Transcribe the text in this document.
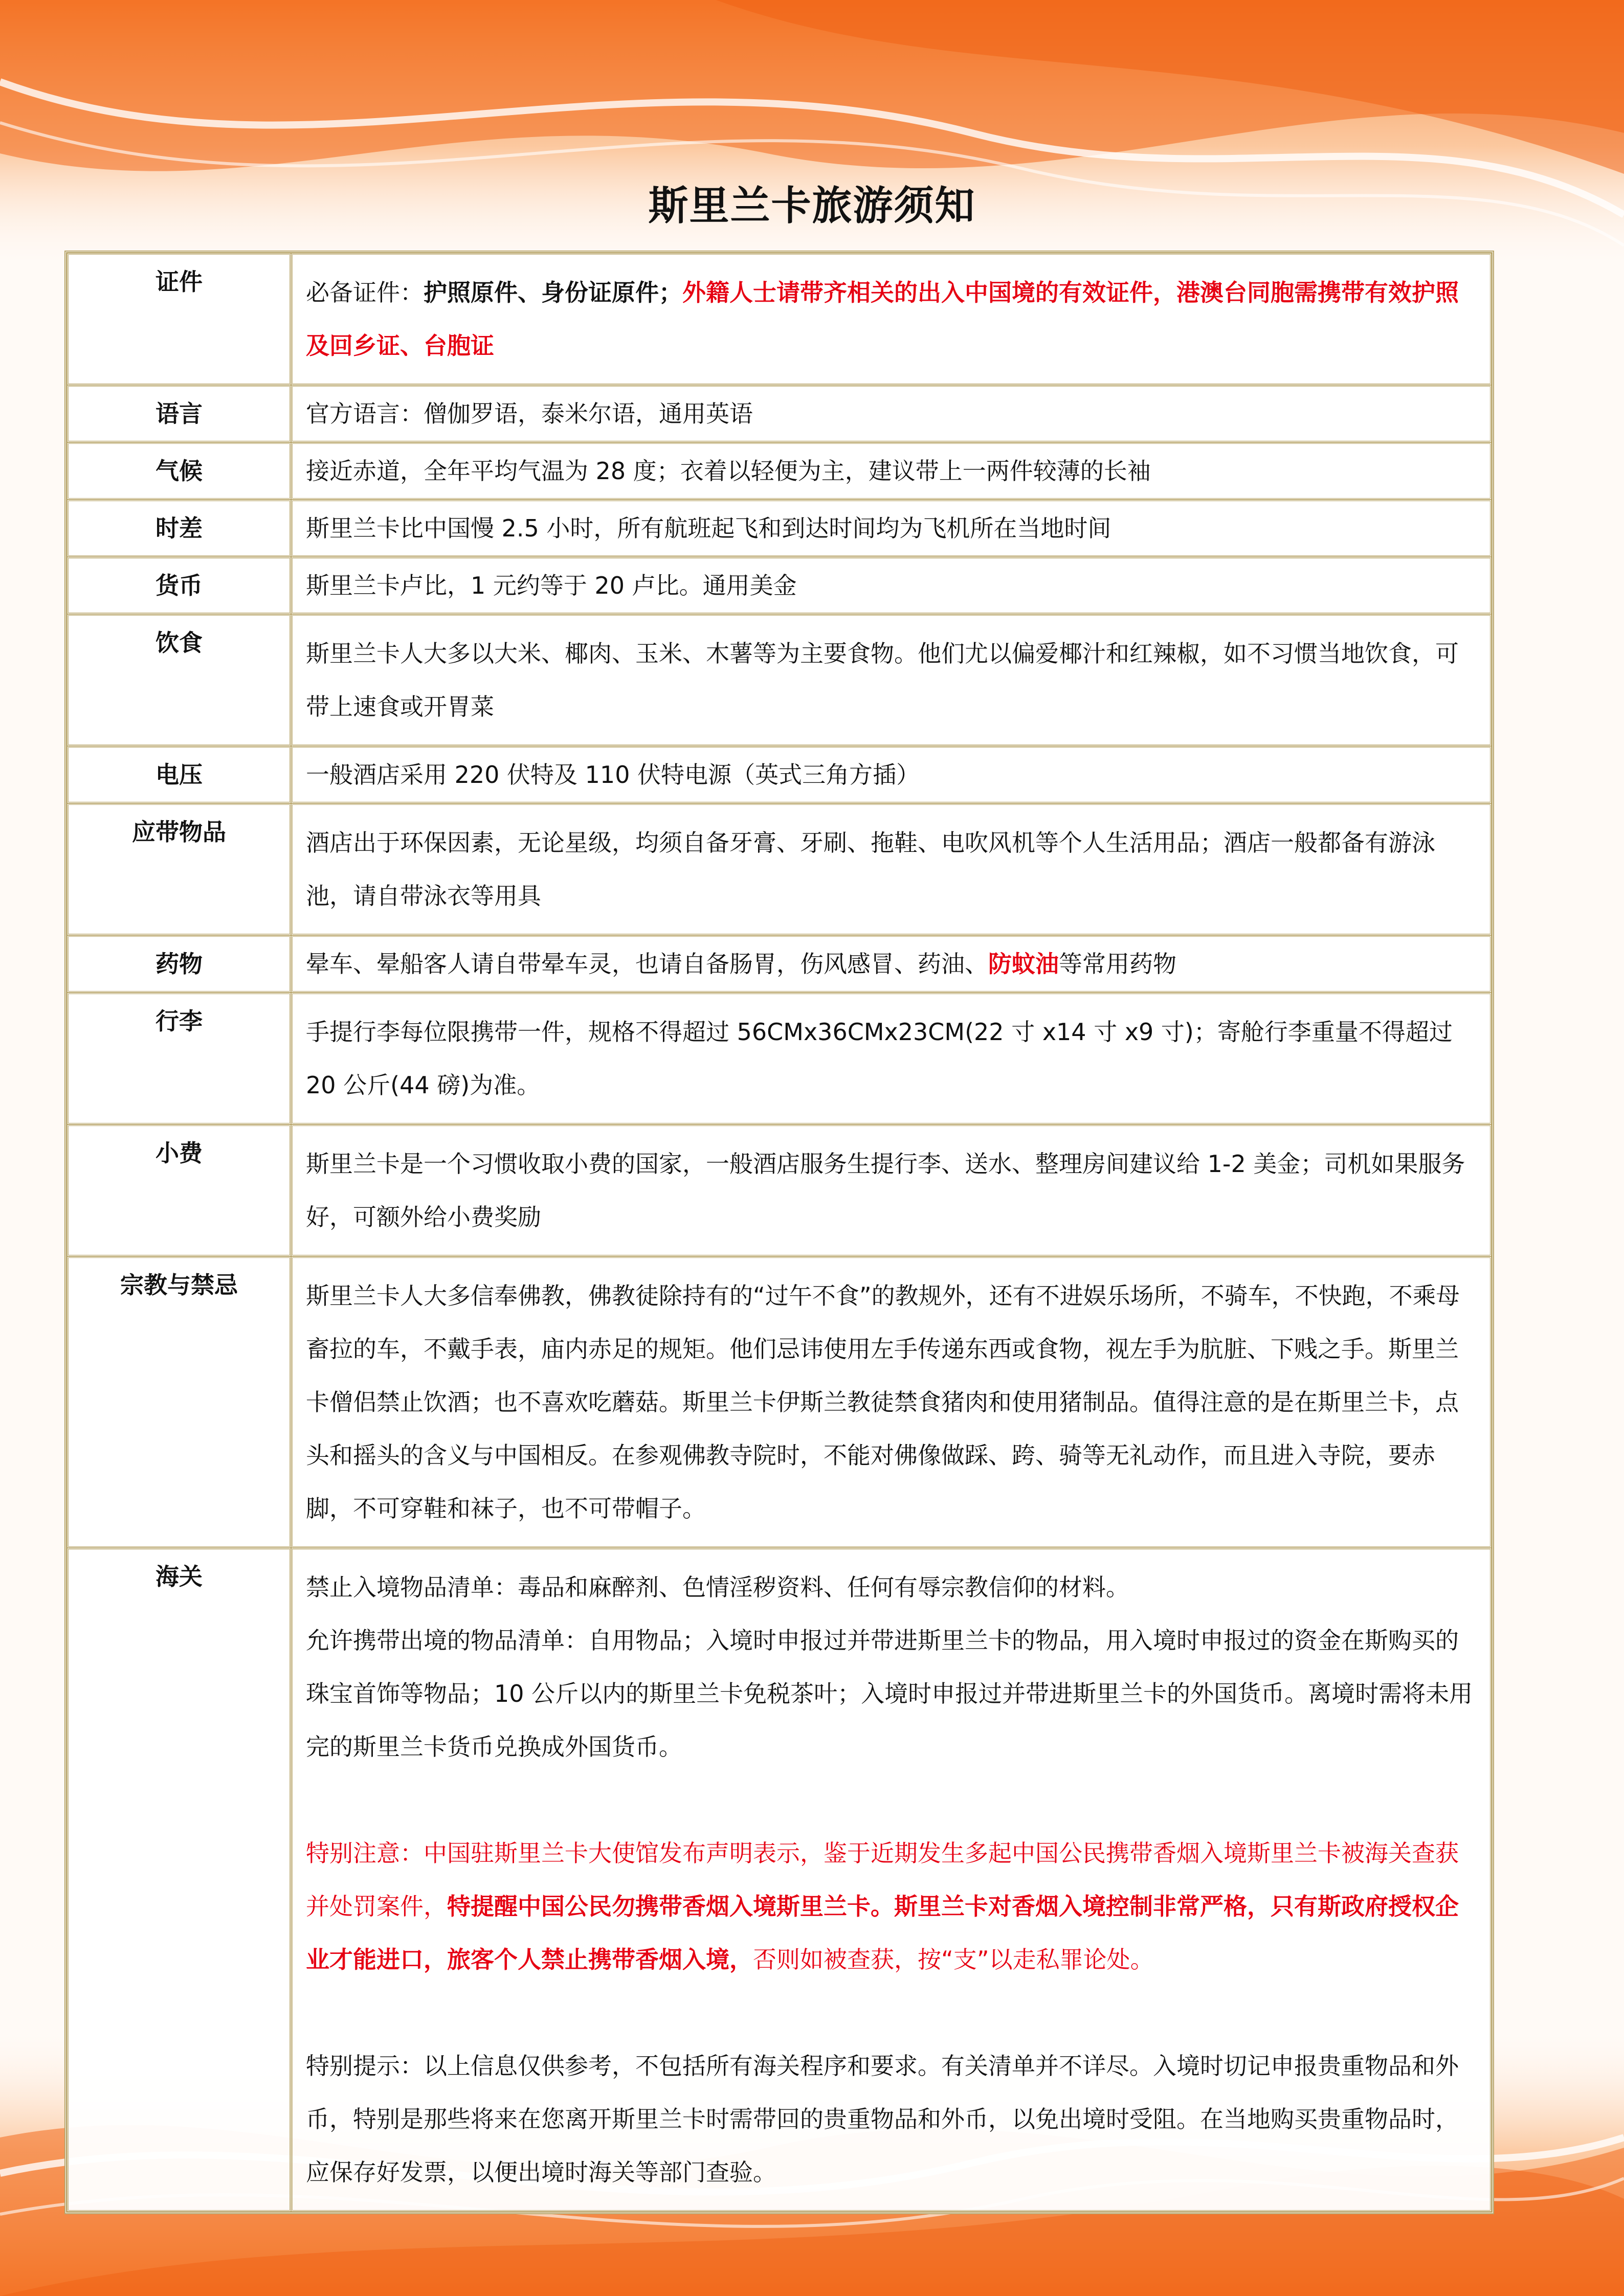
斯里兰卡旅游须知
证件	必备证件：护照原件、身份证原件；外籍人士请带齐相关的出入中国境的有效证件，港澳台同胞需携带有效护照及回乡证、台胞证
语言	官方语言：僧伽罗语，泰米尔语，通用英语
气候	接近赤道，全年平均气温为 28 度；衣着以轻便为主，建议带上一两件较薄的长袖
时差	斯里兰卡比中国慢 2.5 小时，所有航班起飞和到达时间均为飞机所在当地时间
货币	斯里兰卡卢比，1 元约等于 20 卢比。通用美金
饮食	斯里兰卡人大多以大米、椰肉、玉米、木薯等为主要食物。他们尤以偏爱椰汁和红辣椒，如不习惯当地饮食，可带上速食或开胃菜
电压	一般酒店采用 220 伏特及 110 伏特电源（英式三角方插）
应带物品	酒店出于环保因素，无论星级，均须自备牙膏、牙刷、拖鞋、电吹风机等个人生活用品；酒店一般都备有游泳池，请自带泳衣等用具
药物	晕车、晕船客人请自带晕车灵，也请自备肠胃，伤风感冒、药油、防蚊油等常用药物
行李	手提行李每位限携带一件，规格不得超过 56CMx36CMx23CM(22 寸 x14 寸 x9 寸)；寄舱行李重量不得超过 20 公斤(44 磅)为准。
小费	斯里兰卡是一个习惯收取小费的国家，一般酒店服务生提行李、送水、整理房间建议给 1-2 美金；司机如果服务好，可额外给小费奖励
宗教与禁忌	斯里兰卡人大多信奉佛教，佛教徒除持有的“过午不食”的教规外，还有不进娱乐场所，不骑车，不快跑，不乘母畜拉的车，不戴手表，庙内赤足的规矩。他们忌讳使用左手传递东西或食物，视左手为肮脏、下贱之手。斯里兰卡僧侣禁止饮酒；也不喜欢吃蘑菇。斯里兰卡伊斯兰教徒禁食猪肉和使用猪制品。值得注意的是在斯里兰卡，点头和摇头的含义与中国相反。在参观佛教寺院时，不能对佛像做踩、跨、骑等无礼动作，而且进入寺院，要赤脚，不可穿鞋和袜子，也不可带帽子。
海关	禁止入境物品清单：毒品和麻醉剂、色情淫秽资料、任何有辱宗教信仰的材料。
允许携带出境的物品清单：自用物品；入境时申报过并带进斯里兰卡的物品，用入境时申报过的资金在斯购买的珠宝首饰等物品；10 公斤以内的斯里兰卡免税茶叶；入境时申报过并带进斯里兰卡的外国货币。离境时需将未用完的斯里兰卡货币兑换成外国货币。
特别注意：中国驻斯里兰卡大使馆发布声明表示，鉴于近期发生多起中国公民携带香烟入境斯里兰卡被海关查获并处罚案件，特提醒中国公民勿携带香烟入境斯里兰卡。斯里兰卡对香烟入境控制非常严格，只有斯政府授权企业才能进口，旅客个人禁止携带香烟入境，否则如被查获，按“支”以走私罪论处。
特别提示：以上信息仅供参考，不包括所有海关程序和要求。有关清单并不详尽。入境时切记申报贵重物品和外币，特别是那些将来在您离开斯里兰卡时需带回的贵重物品和外币，以免出境时受阻。在当地购买贵重物品时，应保存好发票，以便出境时海关等部门查验。
